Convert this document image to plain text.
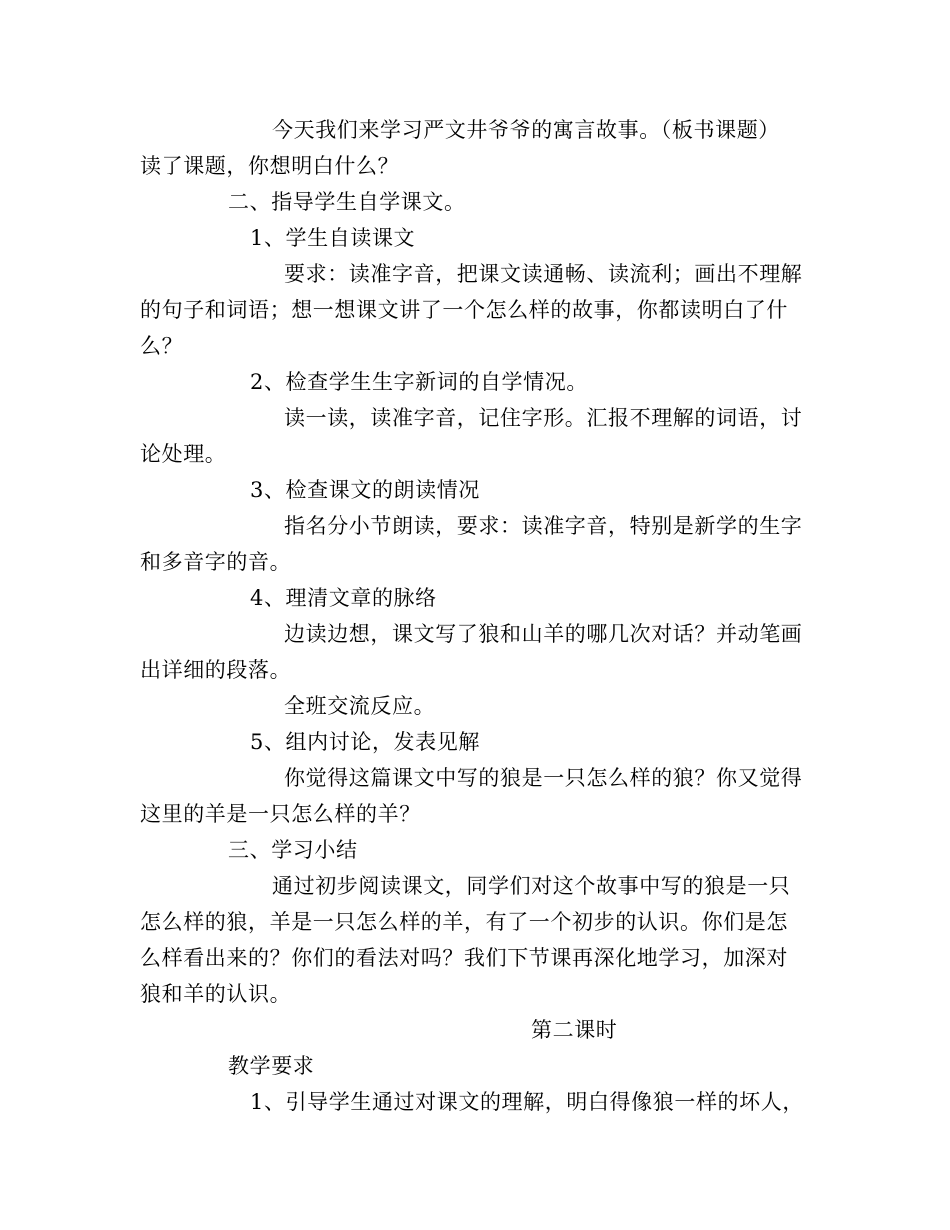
今天我们来学习严文井爷爷的寓言故事。（板书课题）
读了课题，你想明白什么？
二、指导学生自学课文。
1、学生自读课文
要求：读准字音，把课文读通畅、读流利；画出不理解
的句子和词语；想一想课文讲了一个怎么样的故事，你都读明白了什
么？
2、检查学生生字新词的自学情况。
读一读，读准字音，记住字形。汇报不理解的词语，讨
论处理。
3、检查课文的朗读情况
指名分小节朗读，要求：读准字音，特别是新学的生字
和多音字的音。
4、理清文章的脉络
边读边想，课文写了狼和山羊的哪几次对话？并动笔画
出详细的段落。
全班交流反应。
5、组内讨论，发表见解
你觉得这篇课文中写的狼是一只怎么样的狼？你又觉得
这里的羊是一只怎么样的羊？
三、学习小结
通过初步阅读课文，同学们对这个故事中写的狼是一只
怎么样的狼，羊是一只怎么样的羊，有了一个初步的认识。你们是怎
么样看出来的？你们的看法对吗？我们下节课再深化地学习，加深对
狼和羊的认识。
第二课时
教学要求
1、引导学生通过对课文的理解，明白得像狼一样的坏人，
